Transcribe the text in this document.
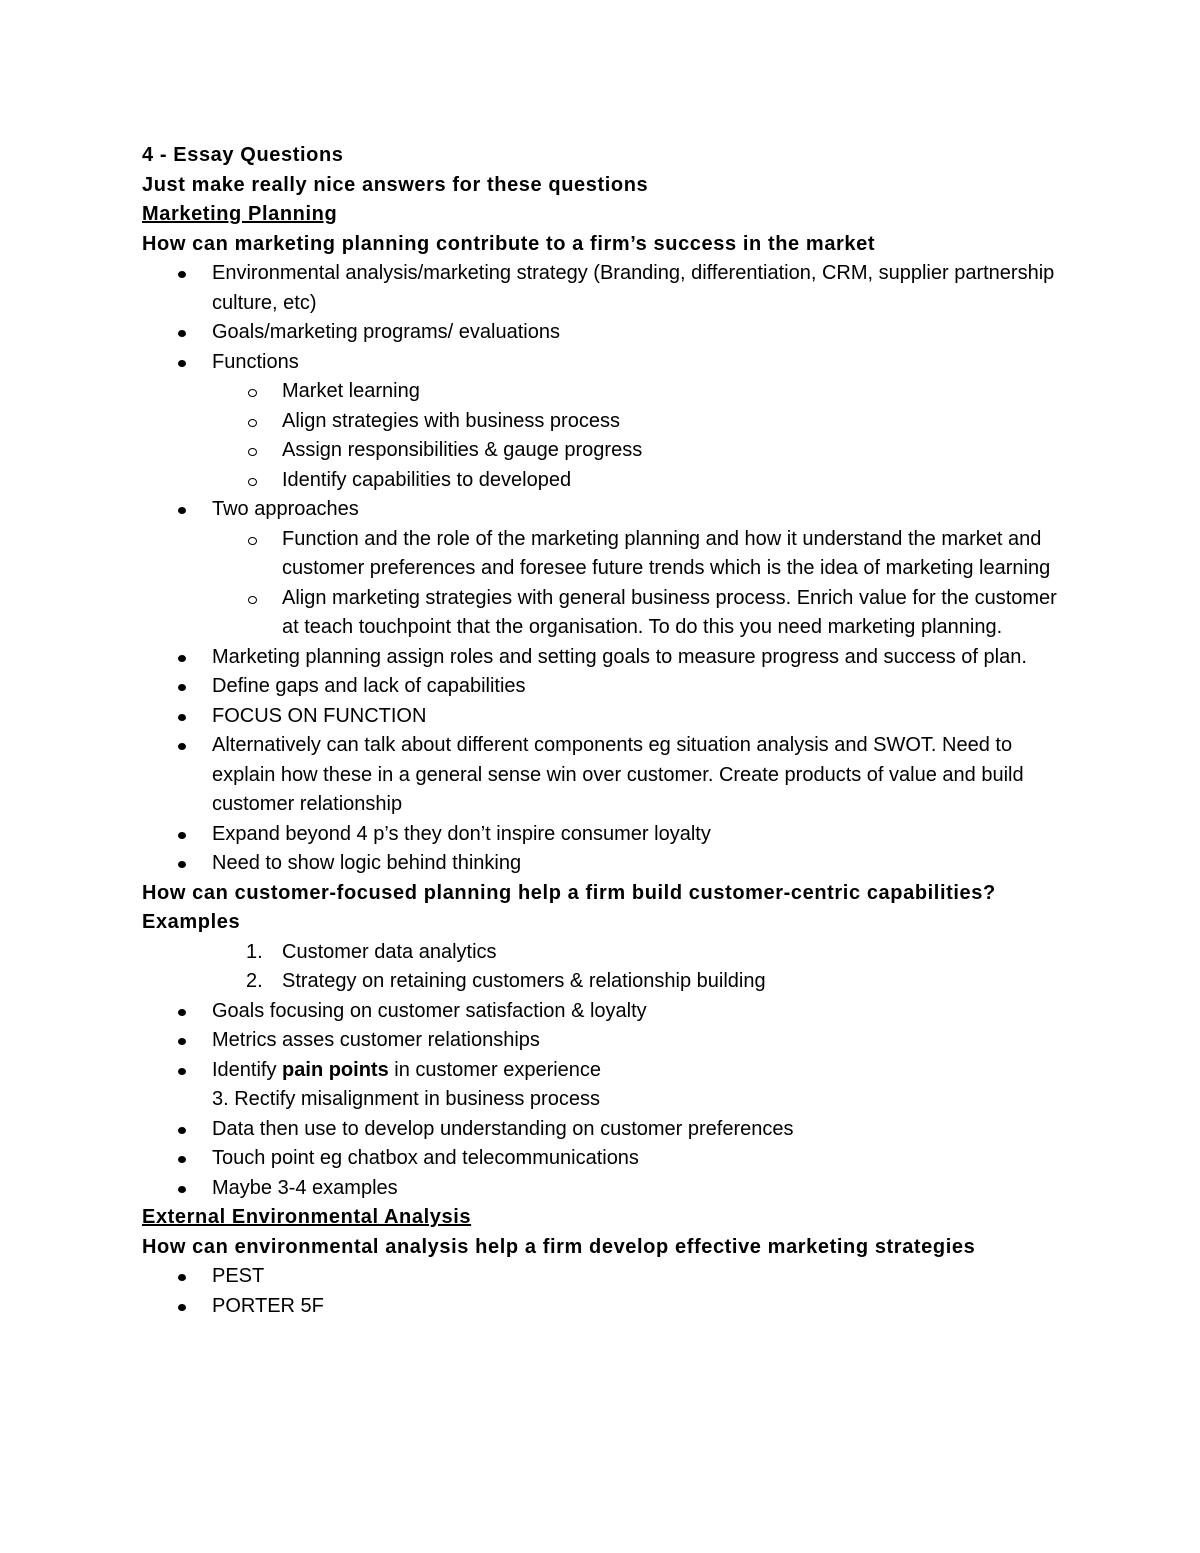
4 - Essay Questions
Just make really nice answers for these questions
Marketing Planning
How can marketing planning contribute to a firm’s success in the market
Environmental analysis/marketing strategy (Branding, differentiation, CRM, supplier partnership culture, etc)
Goals/marketing programs/ evaluations
Functions
Market learning
Align strategies with business process
Assign responsibilities & gauge progress
Identify capabilities to developed
Two approaches
Function and the role of the marketing planning and how it understand the market and customer preferences and foresee future trends which is the idea of marketing learning
Align marketing strategies with general business process. Enrich value for the customer at teach touchpoint that the organisation. To do this you need marketing planning.
Marketing planning assign roles and setting goals to measure progress and success of plan.
Define gaps and lack of capabilities
FOCUS ON FUNCTION
Alternatively can talk about different components eg situation analysis and SWOT. Need to explain how these in a general sense win over customer. Create products of value and build customer relationship
Expand beyond 4 p’s they don’t inspire consumer loyalty
Need to show logic behind thinking
How can customer-focused planning help a firm build customer-centric capabilities?
Examples
1. Customer data analytics
2. Strategy on retaining customers & relationship building
Goals focusing on customer satisfaction & loyalty
Metrics asses customer relationships
Identify pain points in customer experience
3. Rectify misalignment in business process
Data then use to develop understanding on customer preferences
Touch point eg chatbox and telecommunications
Maybe 3-4 examples
External Environmental Analysis
How can environmental analysis help a firm develop effective marketing strategies
PEST
PORTER 5F
